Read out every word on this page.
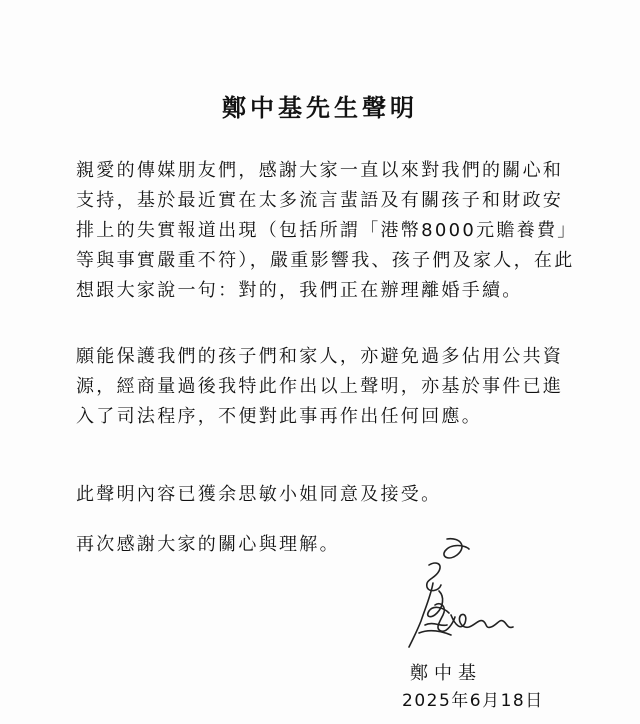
鄭中基先生聲明

親愛的傳媒朋友們，感謝大家一直以來對我們的關心和支持，基於最近實在太多流言蜚語及有關孩子和財政安排上的失實報道出現（包括所謂「港幣8000元贍養費」等與事實嚴重不符），嚴重影響我、孩子們及家人，在此想跟大家說一句：對的，我們正在辦理離婚手續。

願能保護我們的孩子們和家人，亦避免過多佔用公共資源，經商量過後我特此作出以上聲明，亦基於事件已進入了司法程序，不便對此事再作出任何回應。

此聲明內容已獲余思敏小姐同意及接受。

再次感謝大家的關心與理解。

鄭中基

2025年6月18日
